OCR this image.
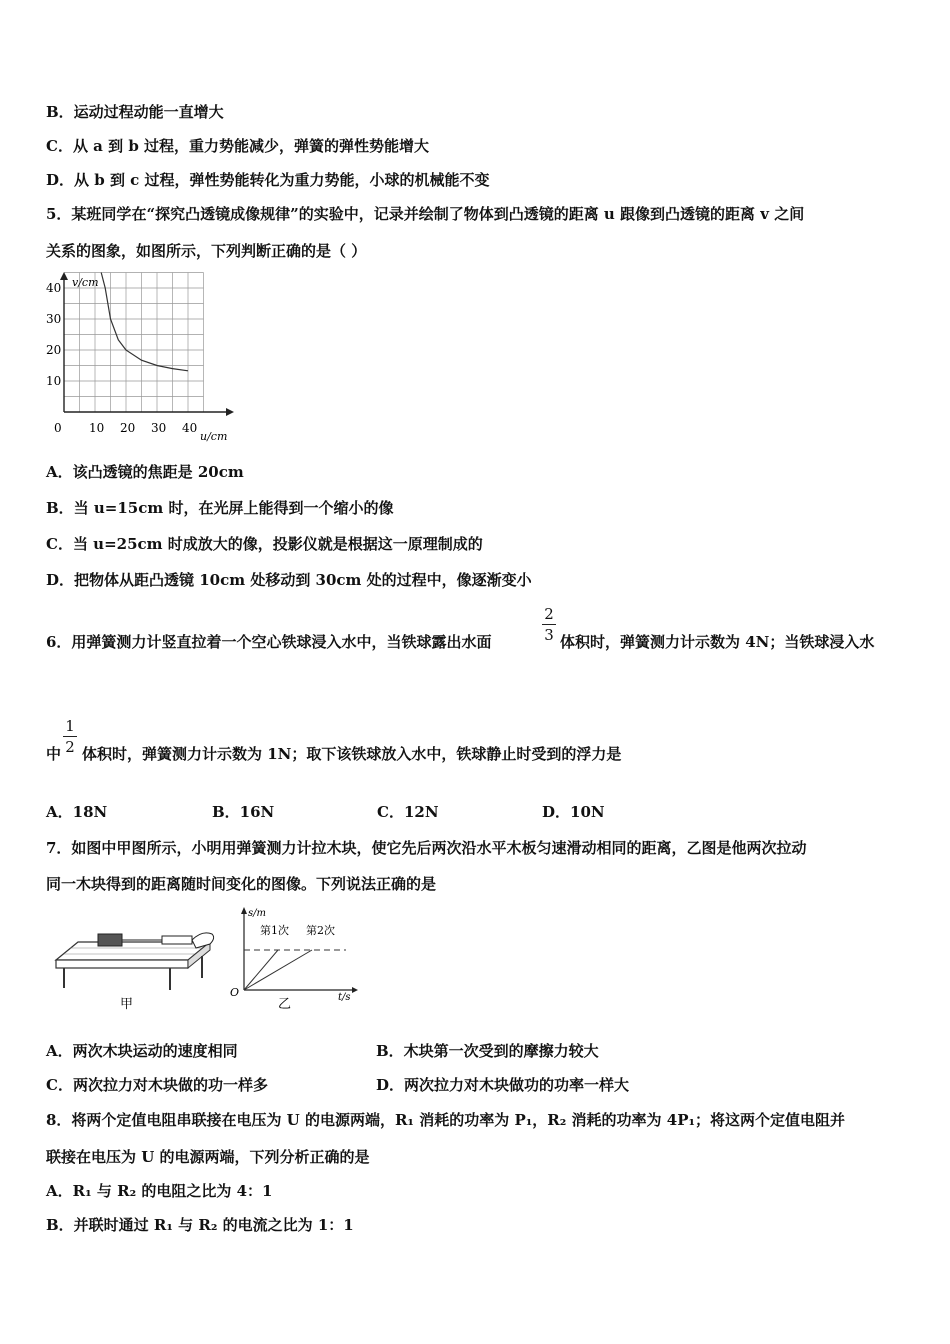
B．运动过程动能一直增大
C．从 a 到 b 过程，重力势能减少，弹簧的弹性势能增大
D．从 b 到 c 过程，弹性势能转化为重力势能，小球的机械能不变
5．某班同学在“探究凸透镜成像规律”的实验中，记录并绘制了物体到凸透镜的距离 u 跟像到凸透镜的距离 v 之间
关系的图象，如图所示，下列判断正确的是（ ）
0 10 20 30 40
10
20
30
40 v/cm
u/cm
A．该凸透镜的焦距是 20cm
B．当 u=15cm 时，在光屏上能得到一个缩小的像
C．当 u=25cm 时成放大的像，投影仪就是根据这一原理制成的
D．把物体从距凸透镜 10cm 处移动到 30cm 处的过程中，像逐渐变小
6．用弹簧测力计竖直拉着一个空心铁球浸入水中，当铁球露出水面
2
3 体积时，弹簧测力计示数为 4N；当铁球浸入水
中
1
2 体积时，弹簧测力计示数为 1N；取下该铁球放入水中，铁球静止时受到的浮力是
A．18N	B．16N	C．12N	D．10N
7．如图中甲图所示，小明用弹簧测力计拉木块，使它先后两次沿水平木板匀速滑动相同的距离，乙图是他两次拉动
同一木块得到的距离随时间变化的图像。下列说法正确的是
甲
s/m
第1次 第2次
O	t/s
乙
A．两次木块运动的速度相同	B．木块第一次受到的摩擦力较大
C．两次拉力对木块做的功一样多	D．两次拉力对木块做功的功率一样大
8．将两个定值电阻串联接在电压为 U 的电源两端，R₁ 消耗的功率为 P₁，R₂ 消耗的功率为 4P₁；将这两个定值电阻并
联接在电压为 U 的电源两端，下列分析正确的是
A．R₁ 与 R₂ 的电阻之比为 4：1
B．并联时通过 R₁ 与 R₂ 的电流之比为 1：1
